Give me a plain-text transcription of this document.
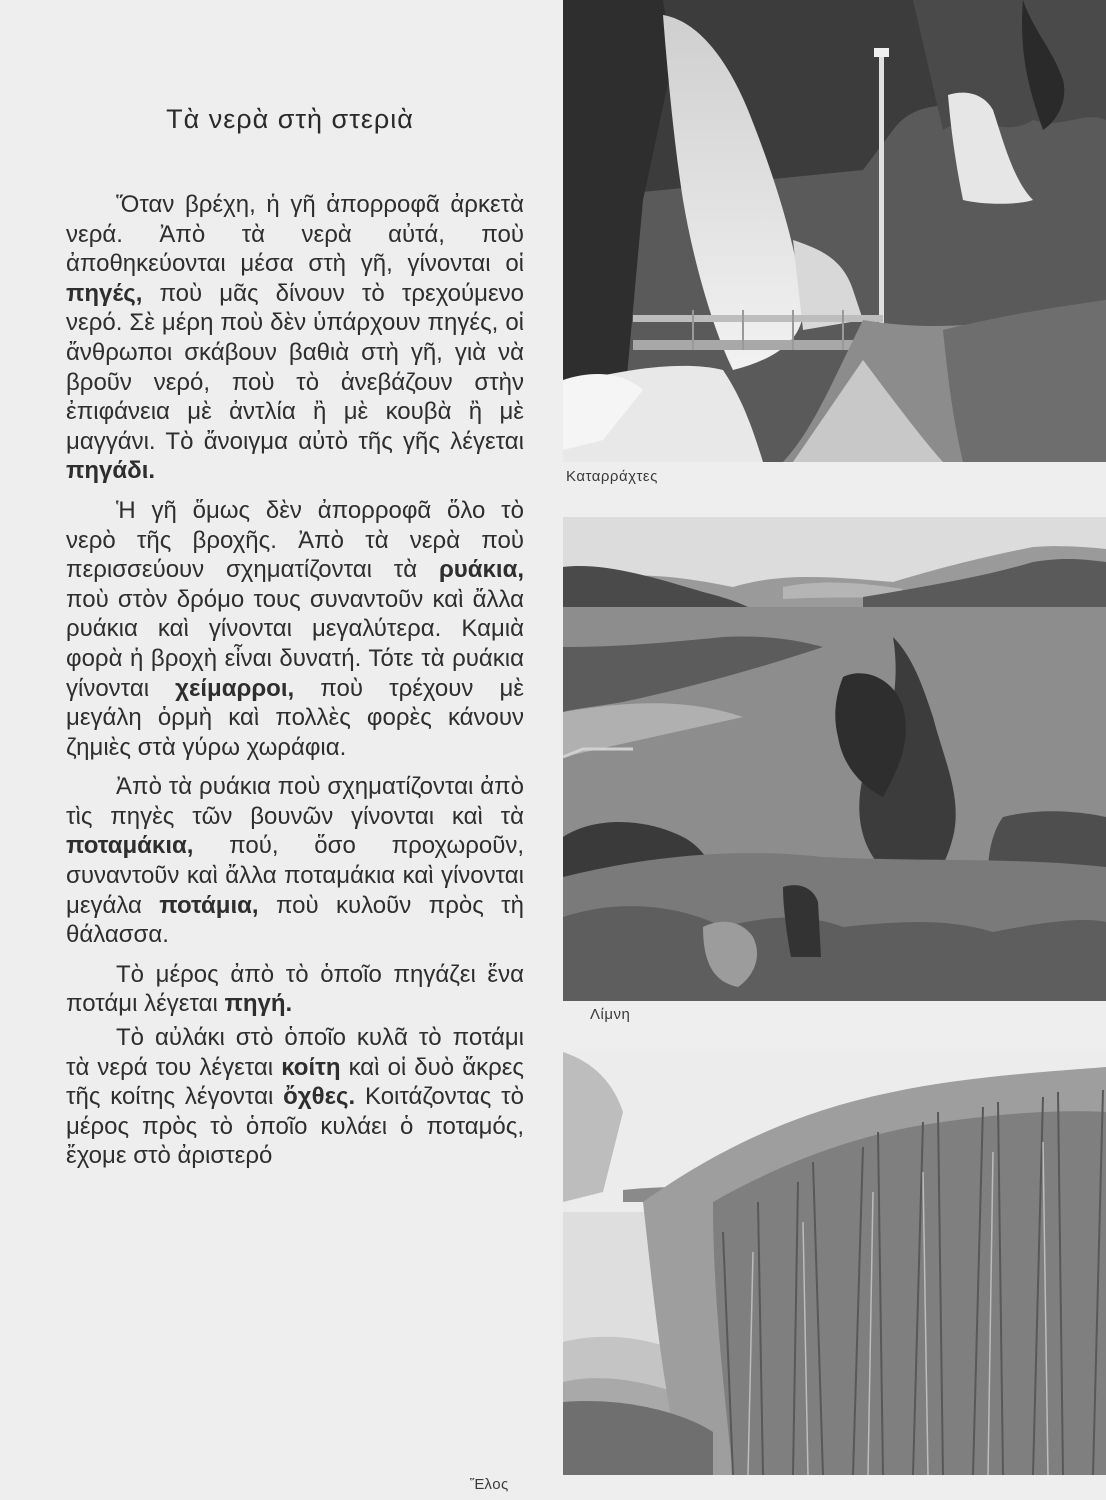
Τὰ νερὰ στὴ στεριὰ

Ὅταν βρέχη, ἡ γῆ ἀπορροφᾶ ἀρκετὰ νερά. Ἀπὸ τὰ νερὰ αὐτά, ποὺ ἀποθηκεύονται μέσα στὴ γῆ, γίνονται οἱ πηγές, ποὺ μᾶς δίνουν τὸ τρεχούμενο νερό. Σὲ μέρη ποὺ δὲν ὑπάρχουν πηγές, οἱ ἄνθρωποι σκάβουν βαθιὰ στὴ γῆ, γιὰ νὰ βροῦν νερό, ποὺ τὸ ἀνεβάζουν στὴν ἐπιφάνεια μὲ ἀντλία ἢ μὲ κουβὰ ἢ μὲ μαγγάνι. Τὸ ἄνοιγμα αὐτὸ τῆς γῆς λέγεται πηγάδι.

Ἡ γῆ ὅμως δὲν ἀπορροφᾶ ὅλο τὸ νερὸ τῆς βροχῆς. Ἀπὸ τὰ νερὰ ποὺ περισσεύουν σχηματίζονται τὰ ρυάκια, ποὺ στὸν δρόμο τους συναντοῦν καὶ ἄλλα ρυάκια καὶ γίνονται μεγαλύτερα. Καμιὰ φορὰ ἡ βροχὴ εἶναι δυνατή. Τότε τὰ ρυάκια γίνονται χείμαρροι, ποὺ τρέχουν μὲ μεγάλη ὁρμὴ καὶ πολλὲς φορὲς κάνουν ζημιὲς στὰ γύρω χωράφια.

Ἀπὸ τὰ ρυάκια ποὺ σχηματίζονται ἀπὸ τὶς πηγὲς τῶν βουνῶν γίνονται καὶ τὰ ποταμάκια, πού, ὅσο προχωροῦν, συναντοῦν καὶ ἄλλα ποταμάκια καὶ γίνονται μεγάλα ποτάμια, ποὺ κυλοῦν πρὸς τὴ θάλασσα.

Τὸ μέρος ἀπὸ τὸ ὁποῖο πηγάζει ἕνα ποτάμι λέγεται πηγή.

Τὸ αὐλάκι στὸ ὁποῖο κυλᾶ τὸ ποτάμι τὰ νερά του λέγεται κοίτη καὶ οἱ δυὸ ἄκρες τῆς κοίτης λέγονται ὄχθες. Κοιτάζοντας τὸ μέρος πρὸς τὸ ὁποῖο κυλάει ὁ ποταμός, ἔχομε στὸ ἀριστερό

Καταρράχτες
Λίμνη
Ἕλος
